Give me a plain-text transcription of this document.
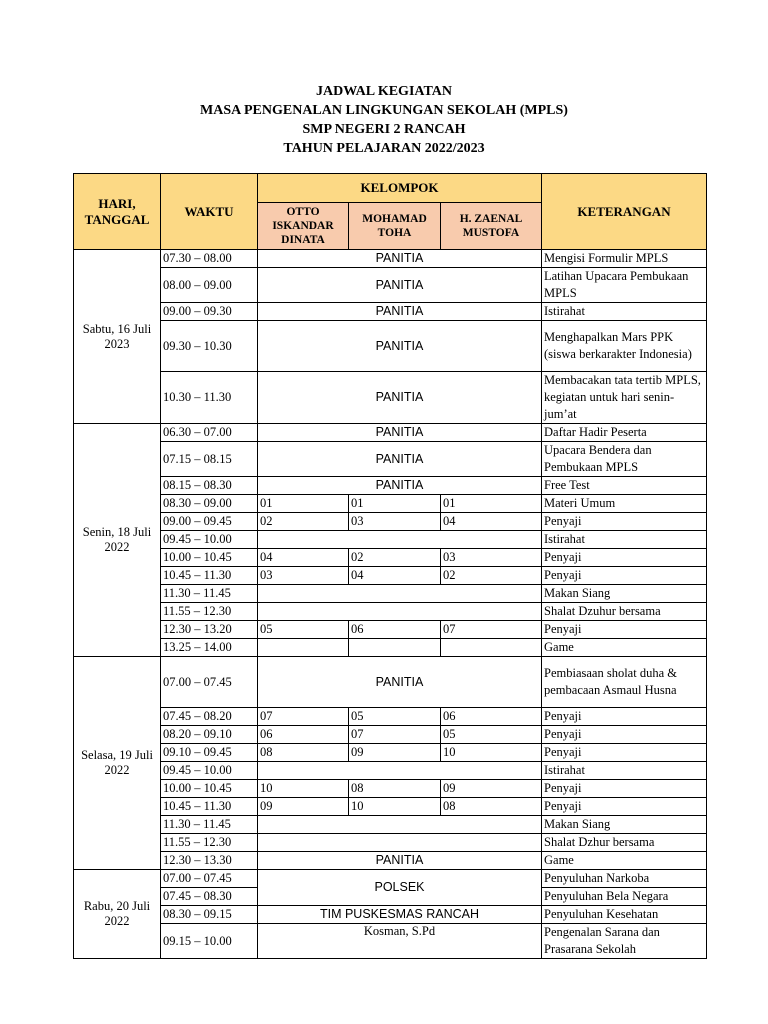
JADWAL KEGIATAN
MASA PENGENALAN LINGKUNGAN SEKOLAH (MPLS)
SMP NEGERI 2 RANCAH
TAHUN PELAJARAN 2022/2023
HARI, TANGGAL	WAKTU	KELOMPOK			KETERANGAN
		OTTO ISKANDAR DINATA	MOHAMAD TOHA	H. ZAENAL MUSTOFA	
Sabtu, 16 Juli 2023	07.30 – 08.00	PANITIA			Mengisi Formulir MPLS
	08.00 – 09.00	PANITIA			Latihan Upacara Pembukaan MPLS
	09.00 – 09.30	PANITIA			Istirahat
	09.30 – 10.30	PANITIA			Menghapalkan Mars PPK (siswa berkarakter Indonesia)
	10.30 – 11.30	PANITIA			Membacakan tata tertib MPLS, kegiatan untuk hari senin-jum’at
Senin, 18 Juli 2022	06.30 – 07.00	PANITIA			Daftar Hadir Peserta
	07.15 – 08.15	PANITIA			Upacara Bendera dan Pembukaan MPLS
	08.15 – 08.30	PANITIA			Free Test
	08.30 – 09.00	01	01	01	Materi Umum
	09.00 – 09.45	02	03	04	Penyaji
	09.45 – 10.00				Istirahat
	10.00 – 10.45	04	02	03	Penyaji
	10.45 – 11.30	03	04	02	Penyaji
	11.30 – 11.45				Makan Siang
	11.55 – 12.30				Shalat Dzuhur bersama
	12.30 – 13.20	05	06	07	Penyaji
	13.25 – 14.00				Game
Selasa, 19 Juli 2022	07.00 – 07.45	PANITIA			Pembiasaan sholat duha & pembacaan Asmaul Husna
	07.45 – 08.20	07	05	06	Penyaji
	08.20 – 09.10	06	07	05	Penyaji
	09.10 – 09.45	08	09	10	Penyaji
	09.45 – 10.00				Istirahat
	10.00 – 10.45	10	08	09	Penyaji
	10.45 – 11.30	09	10	08	Penyaji
	11.30 – 11.45				Makan Siang
	11.55 – 12.30				Shalat Dzhur bersama
	12.30 – 13.30	PANITIA			Game
Rabu, 20 Juli 2022	07.00 – 07.45	POLSEK			Penyuluhan Narkoba
	07.45 – 08.30				Penyuluhan Bela Negara
	08.30 – 09.15	TIM PUSKESMAS RANCAH			Penyuluhan Kesehatan
	09.15 – 10.00	Kosman, S.Pd			Pengenalan Sarana dan Prasarana Sekolah
